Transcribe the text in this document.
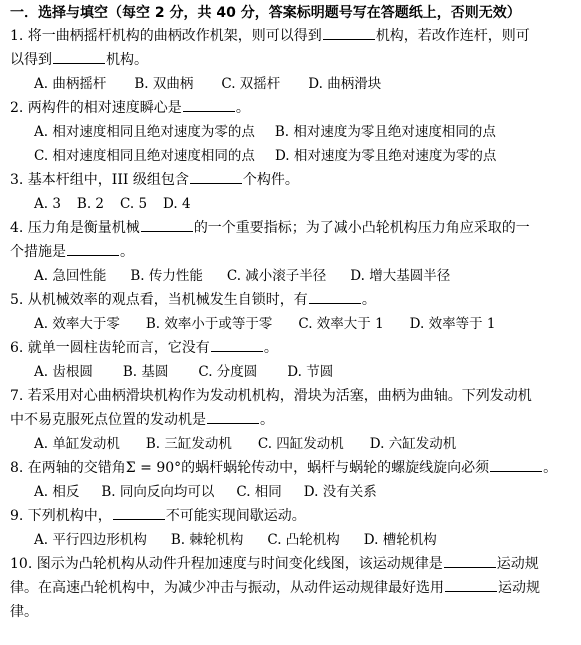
一．选择与填空（每空 2 分，共 40 分，答案标明题号写在答题纸上，否则无效）
1. 将一曲柄摇杆机构的曲柄改作机架，则可以得到	机构，若改作连杆，则可
以得到	机构。
A. 曲柄摇杆 B. 双曲柄 C. 双摇杆 D. 曲柄滑块
2. 两构件的相对速度瞬心是	。
A. 相对速度相同且绝对速度为零的点 B. 相对速度为零且绝对速度相同的点
C. 相对速度相同且绝对速度相同的点 D. 相对速度为零且绝对速度为零的点
3. 基本杆组中，III 级组包含	个构件。
A. 3 B. 2 C. 5 D. 4
4. 压力角是衡量机械	的一个重要指标；为了减小凸轮机构压力角应采取的一
个措施是	。
A. 急回性能 B. 传力性能 C. 减小滚子半径 D. 增大基圆半径
5. 从机械效率的观点看，当机械发生自锁时，有	。
A. 效率大于零 B. 效率小于或等于零 C. 效率大于 1 D. 效率等于 1
6. 就单一圆柱齿轮而言，它没有	。
A. 齿根圆 B. 基圆 C. 分度圆 D. 节圆
7. 若采用对心曲柄滑块机构作为发动机机构，滑块为活塞，曲柄为曲轴。下列发动机
中不易克服死点位置的发动机是	。
A. 单缸发动机 B. 三缸发动机 C. 四缸发动机 D. 六缸发动机
8. 在两轴的交错角Σ = 90°的蜗杆蜗轮传动中，蜗杆与蜗轮的螺旋线旋向必须	。
A. 相反 B. 同向反向均可以 C. 相同 D. 没有关系
9. 下列机构中，	不可能实现间歇运动。
A. 平行四边形机构 B. 棘轮机构 C. 凸轮机构 D. 槽轮机构
10. 图示为凸轮机构从动件升程加速度与时间变化线图，该运动规律是	运动规
律。在高速凸轮机构中，为减少冲击与振动，从动件运动规律最好选用	运动规
律。
